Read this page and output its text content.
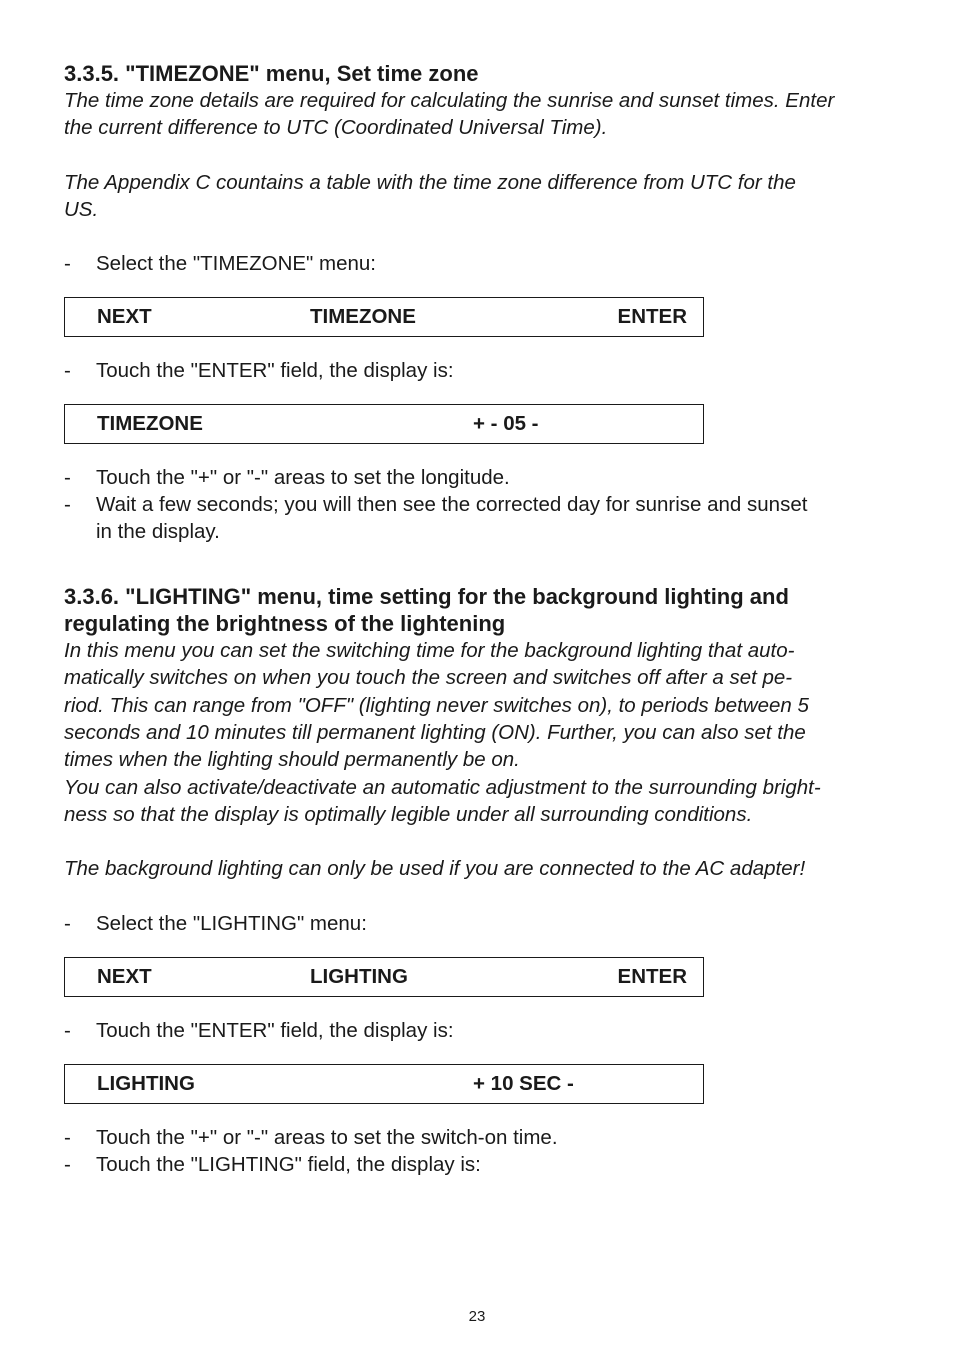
3.3.5. "TIMEZONE" menu, Set time zone

The time zone details are required for calculating the sunrise and sunset times. Enter

the current difference to UTC (Coordinated Universal Time).

The Appendix C countains a table with the time zone difference from UTC for the

US.

-	Select the "TIMEZONE" menu:
NEXT	TIMEZONE	ENTER
-	Touch the "ENTER" field, the display is:
TIMEZONE	+ - 05 -
-	Touch the "+" or "-" areas to set the longitude.
-	Wait a few seconds; you will then see the corrected day for sunrise and sunset
in the display.

3.3.6. "LIGHTING" menu, time setting for the background lighting and

regulating the brightness of the lightening

In this menu you can set the switching time for the background lighting that auto-

matically switches on when you touch the screen and switches off after a set pe-

riod. This can range from "OFF" (lighting never switches on), to periods between 5

seconds and 10 minutes till permanent lighting (ON). Further, you can also set the

times when the lighting should permanently be on.

You can also activate/deactivate an automatic adjustment to the surrounding bright-

ness so that the display is optimally legible under all surrounding conditions.

The background lighting can only be used if you are connected to the AC adapter!

-	Select the "LIGHTING" menu:
NEXT	LIGHTING	ENTER
-	Touch the "ENTER" field, the display is:
LIGHTING	+ 10 SEC -
-	Touch the "+" or "-" areas to set the switch-on time.
-	Touch the "LIGHTING" field, the display is:
23
